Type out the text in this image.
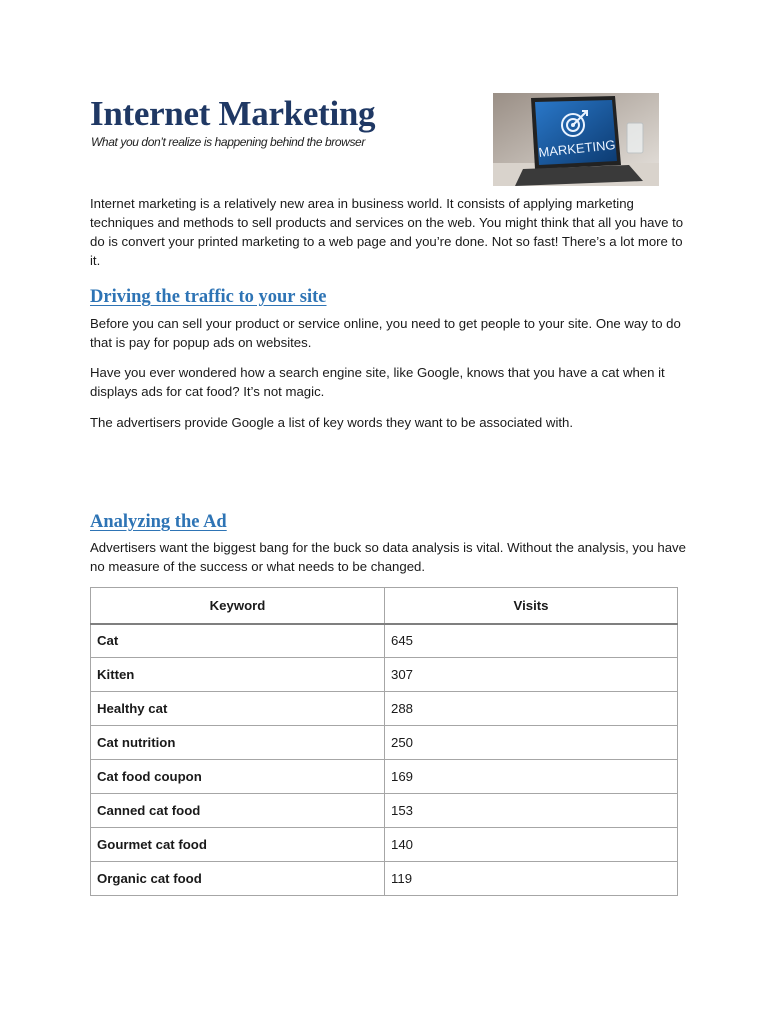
Internet Marketing
What you don’t realize is happening behind the browser	MARKETING

Internet marketing is a relatively new area in business world. It consists of applying marketing techniques and methods to sell products and services on the web. You might think that all you have to do is convert your printed marketing to a web page and you’re done. Not so fast! There’s a lot more to it.

Driving the traffic to your site

Before you can sell your product or service online, you need to get people to your site. One way to do that is pay for popup ads on websites.

Have you ever wondered how a search engine site, like Google, knows that you have a cat when it displays ads for cat food? It’s not magic.

The advertisers provide Google a list of key words they want to be associated with.

Analyzing the Ad

Advertisers want the biggest bang for the buck so data analysis is vital. Without the analysis, you have no measure of the success or what needs to be changed.

Keyword	Visits
Cat	645
Kitten	307
Healthy cat	288
Cat nutrition	250
Cat food coupon	169
Canned cat food	153
Gourmet cat food	140
Organic cat food	119
